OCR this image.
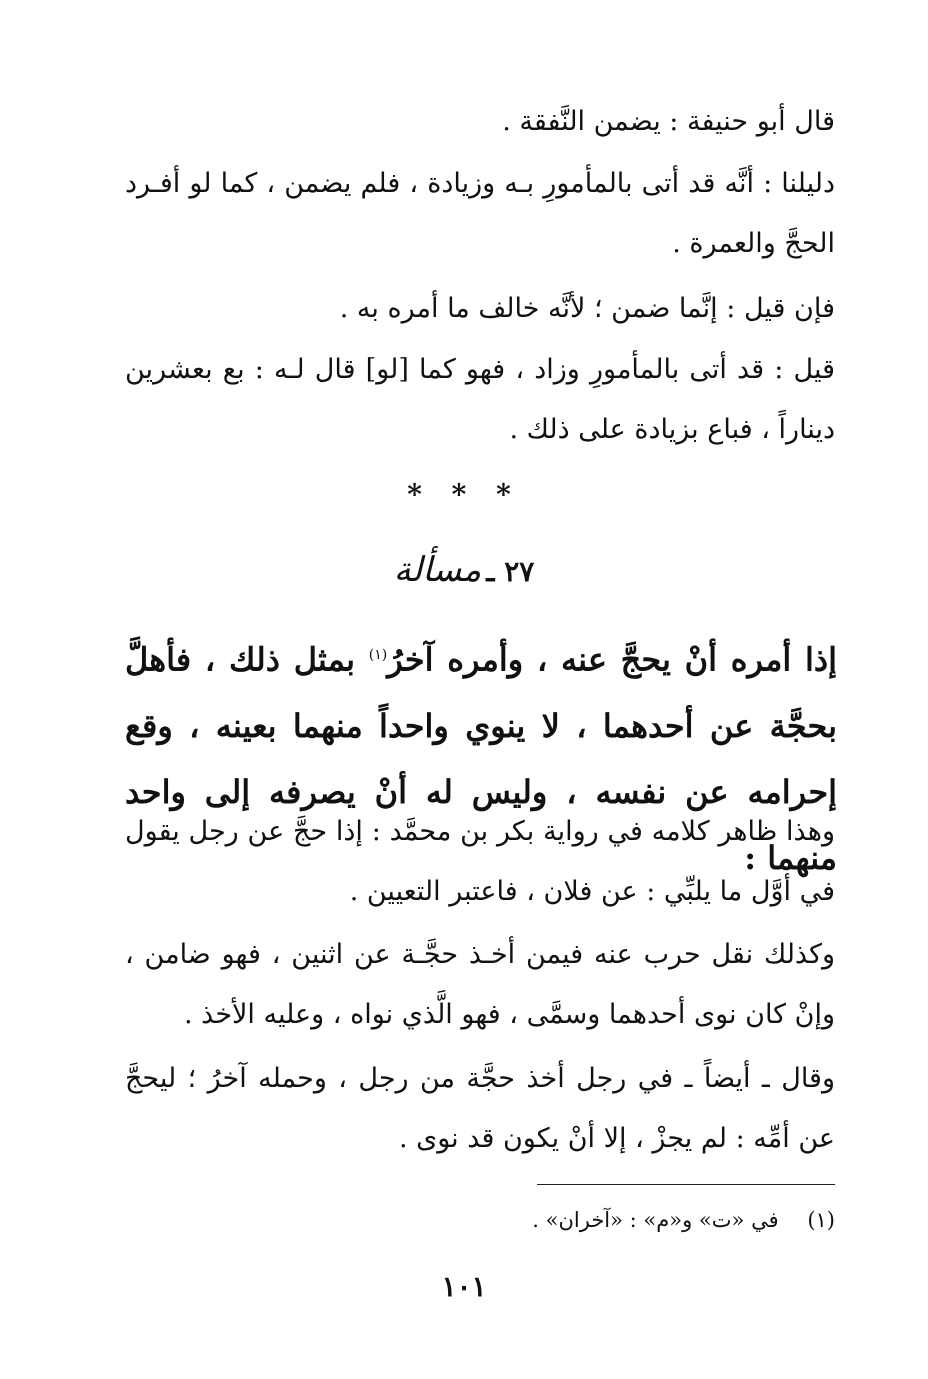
قال أبو حنيفة : يضمن النَّفقة .
دليلنا : أنَّه قد أتى بالمأمورِ بـه وزيادة ، فلم يضمن ، كما لو أفـرد الحجَّ والعمرة .
فإن قيل : إنَّما ضمن ؛ لأنَّه خالف ما أمره به .
قيل : قد أتى بالمأمورِ وزاد ، فهو كما [لو] قال لـه : بع بعشرين ديناراً ، فباع بزيادة على ذلك .
* * *
٢٧ ـ مسألة
إذا أمره أنْ يحجَّ عنه ، وأمره آخرُ$^{(١)}$ بمثل ذلك ، فأهلَّ بحجَّة عن أحدهما ، لا ينوي واحداً منهما بعينه ، وقع إحرامه عن نفسه ، وليس له أنْ يصرفه إلى واحد منهما :
وهذا ظاهر كلامه في رواية بكر بن محمَّد : إذا حجَّ عن رجل يقول في أوَّل ما يلبِّي : عن فلان ، فاعتبر التعيين .
وكذلك نقل حرب عنه فيمن أخـذ حجَّـة عن اثنين ، فهو ضامن ، وإنْ كان نوى أحدهما وسمَّى ، فهو الَّذي نواه ، وعليه الأخذ .
وقال ـ أيضاً ـ في رجل أخذ حجَّة من رجل ، وحمله آخرُ ؛ ليحجَّ عن أمِّه : لم يجزْ ، إلا أنْ يكون قد نوى .
(١) في «ت» و«م» : «آخران» .
١٠١
